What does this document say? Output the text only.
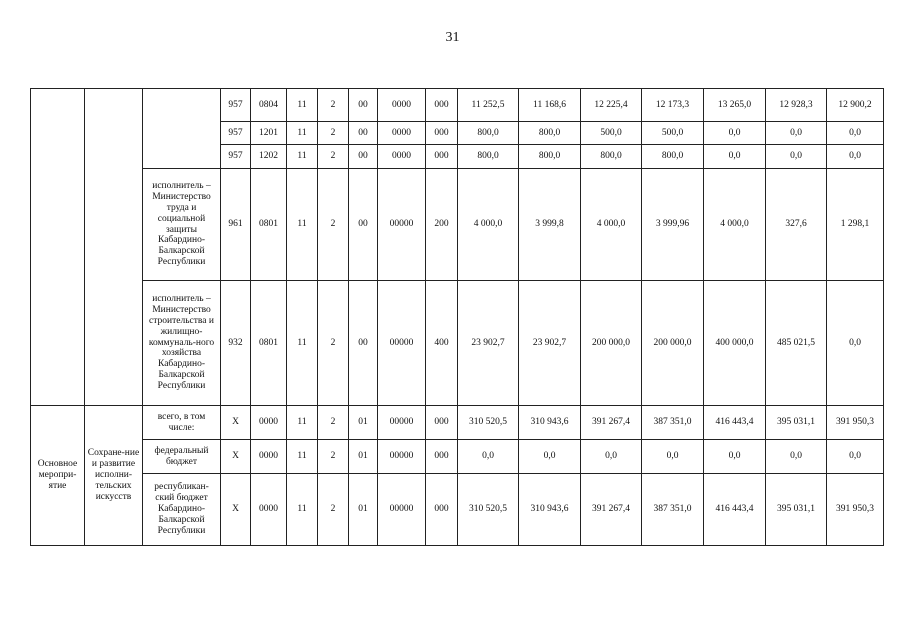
31
			957	0804	11	2	00	0000	000	11 252,5	11 168,6	12 225,4	12 173,3	13 265,0	12 928,3	12 900,2
			957	1201	11	2	00	0000	000	800,0	800,0	500,0	500,0	0,0	0,0	0,0
			957	1202	11	2	00	0000	000	800,0	800,0	800,0	800,0	0,0	0,0	0,0
		исполнитель – Министерство труда и социальной защиты Кабардино-Балкарской Республики	961	0801	11	2	00	00000	200	4 000,0	3 999,8	4 000,0	3 999,96	4 000,0	327,6	1 298,1
		исполнитель – Министерство строительства и жилищно-коммуналь-ного хозяйства Кабардино-Балкарской Республики	932	0801	11	2	00	00000	400	23 902,7	23 902,7	200 000,0	200 000,0	400 000,0	485 021,5	0,0
Основное меропри-ятие	Сохране-ние и развитие исполни-тельских искусств	всего, в том числе:	X	0000	11	2	01	00000	000	310 520,5	310 943,6	391 267,4	387 351,0	416 443,4	395 031,1	391 950,3
		федеральный бюджет	X	0000	11	2	01	00000	000	0,0	0,0	0,0	0,0	0,0	0,0	0,0
		республикан-ский бюджет Кабардино-Балкарской Республики	X	0000	11	2	01	00000	000	310 520,5	310 943,6	391 267,4	387 351,0	416 443,4	395 031,1	391 950,3
